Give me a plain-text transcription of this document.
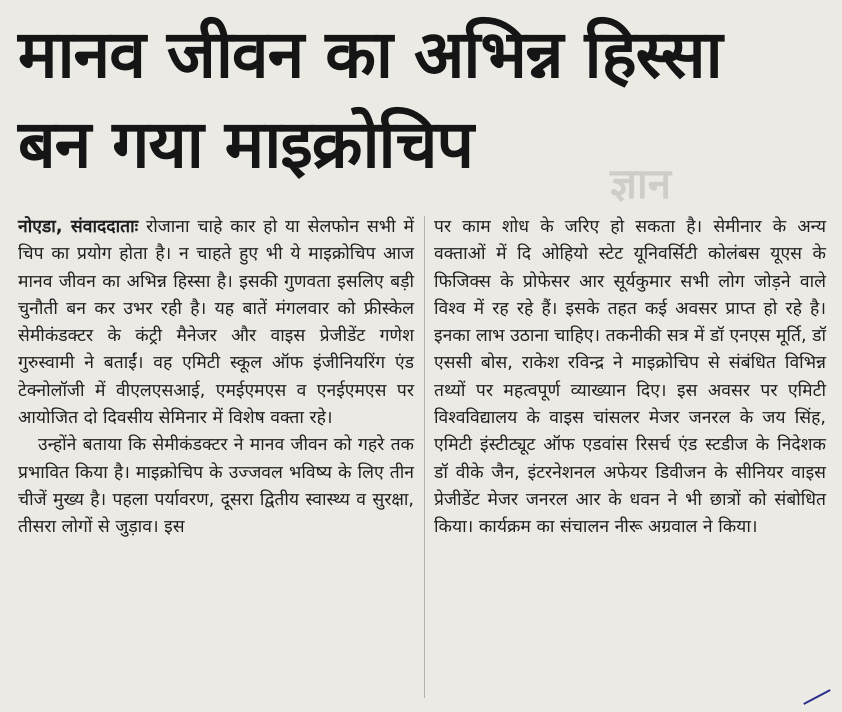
ज्ञान
मानव जीवन का अभिन्न हिस्सा
बन गया माइक्रोचिप

नोएडा, संवाददाताः रोजाना चाहे कार हो या सेलफोन सभी में चिप का प्रयोग होता है। न चाहते हुए भी ये माइक्रोचिप आज मानव जीवन का अभिन्न हिस्सा है। इसकी गुणवता इसलिए बड़ी चुनौती बन कर उभर रही है। यह बातें मंगलवार को फ्रीस्केल सेमीकंडक्टर के कंट्री मैनेजर और वाइस प्रेजीडेंट गणेश गुरुस्वामी ने बताईं। वह एमिटी स्कूल ऑफ इंजीनियरिंग एंड टेक्नोलॉजी में वीएलएसआई, एमईएमएस व एनईएमएस पर आयोजित दो दिवसीय सेमिनार में विशेष वक्ता रहे।

उन्होंने बताया कि सेमीकंडक्टर ने मानव जीवन को गहरे तक प्रभावित किया है। माइक्रोचिप के उज्जवल भविष्य के लिए तीन चीजें मुख्य है। पहला पर्यावरण, दूसरा द्वितीय स्वास्थ्य व सुरक्षा, तीसरा लोगों से जुड़ाव। इस

पर काम शोध के जरिए हो सकता है। सेमीनार के अन्य वक्ताओं में दि ओहियो स्टेट यूनिवर्सिटी कोलंबस यूएस के फिजिक्स के प्रोफेसर आर सूर्यकुमार सभी लोग जोड़ने वाले विश्व में रह रहे हैं। इसके तहत कई अवसर प्राप्त हो रहे है। इनका लाभ उठाना चाहिए। तकनीकी सत्र में डॉ एनएस मूर्ति, डॉ एससी बोस, राकेश रविन्द्र ने माइक्रोचिप से संबंधित विभिन्न तथ्यों पर महत्वपूर्ण व्याख्यान दिए। इस अवसर पर एमिटी विश्वविद्यालय के वाइस चांसलर मेजर जनरल के जय सिंह, एमिटी इंस्टीट्यूट ऑफ एडवांस रिसर्च एंड स्टडीज के निदेशक डॉ वीके जैन, इंटरनेशनल अफेयर डिवीजन के सीनियर वाइस प्रेजीडेंट मेजर जनरल आर के धवन ने भी छात्रों को संबोधित किया। कार्यक्रम का संचालन नीरू अग्रवाल ने किया।
